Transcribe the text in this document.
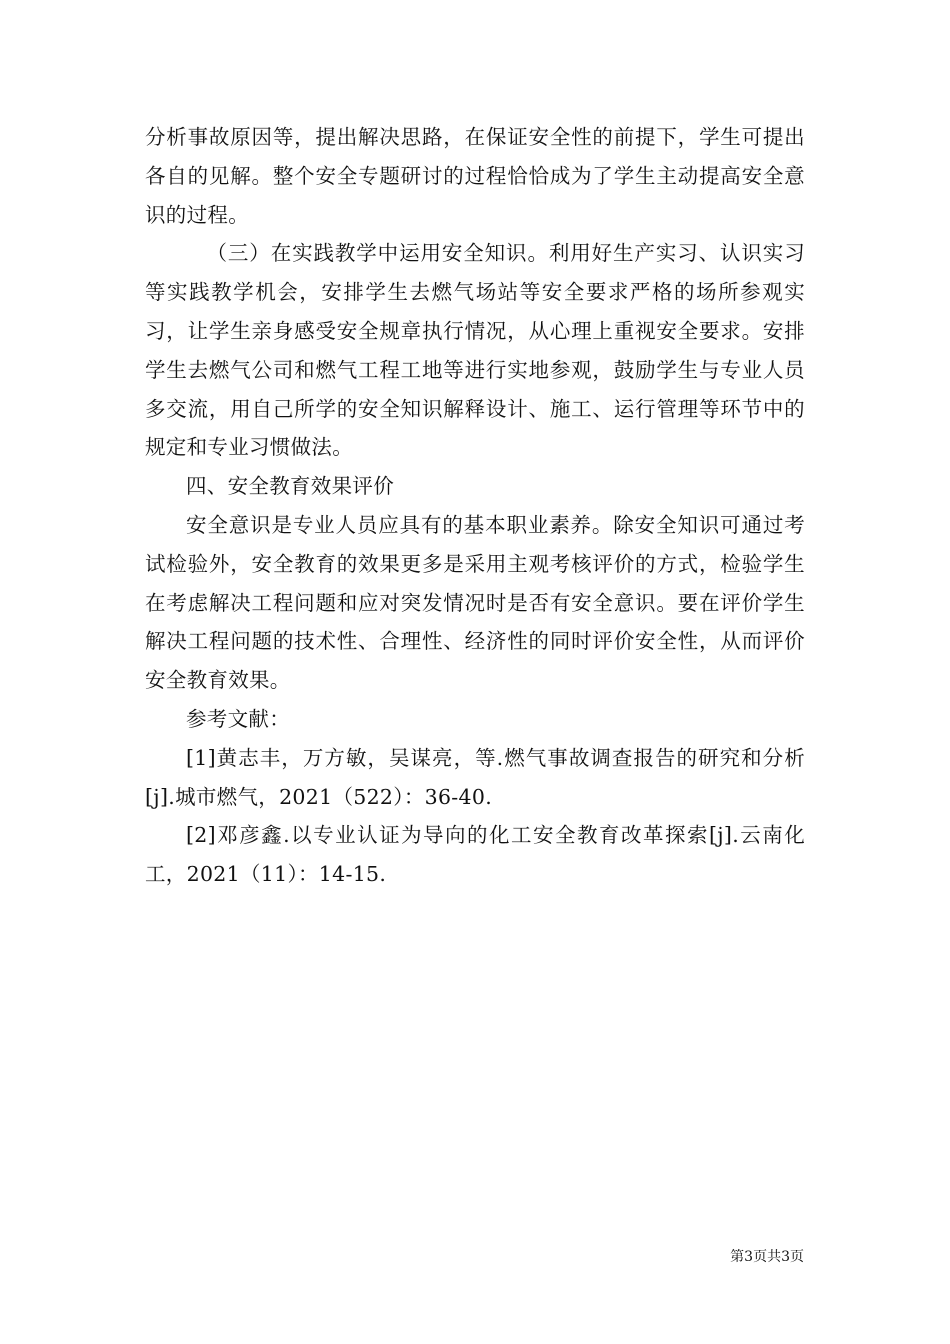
分析事故原因等，提出解决思路，在保证安全性的前提下，学生可提出各自的见解。整个安全专题研讨的过程恰恰成为了学生主动提高安全意识的过程。

（三）在实践教学中运用安全知识。利用好生产实习、认识实习等实践教学机会，安排学生去燃气场站等安全要求严格的场所参观实习，让学生亲身感受安全规章执行情况，从心理上重视安全要求。安排学生去燃气公司和燃气工程工地等进行实地参观，鼓励学生与专业人员多交流，用自己所学的安全知识解释设计、施工、运行管理等环节中的规定和专业习惯做法。

四、安全教育效果评价

安全意识是专业人员应具有的基本职业素养。除安全知识可通过考试检验外，安全教育的效果更多是采用主观考核评价的方式，检验学生在考虑解决工程问题和应对突发情况时是否有安全意识。要在评价学生解决工程问题的技术性、合理性、经济性的同时评价安全性，从而评价安全教育效果。

参考文献：

[1]黄志丰，万方敏，吴谋亮，等.燃气事故调查报告的研究和分析[j].城市燃气，2021（522）：36-40.

[2]邓彦鑫.以专业认证为导向的化工安全教育改革探索[j].云南化工，2021（11）：14-15.

第3页共3页
